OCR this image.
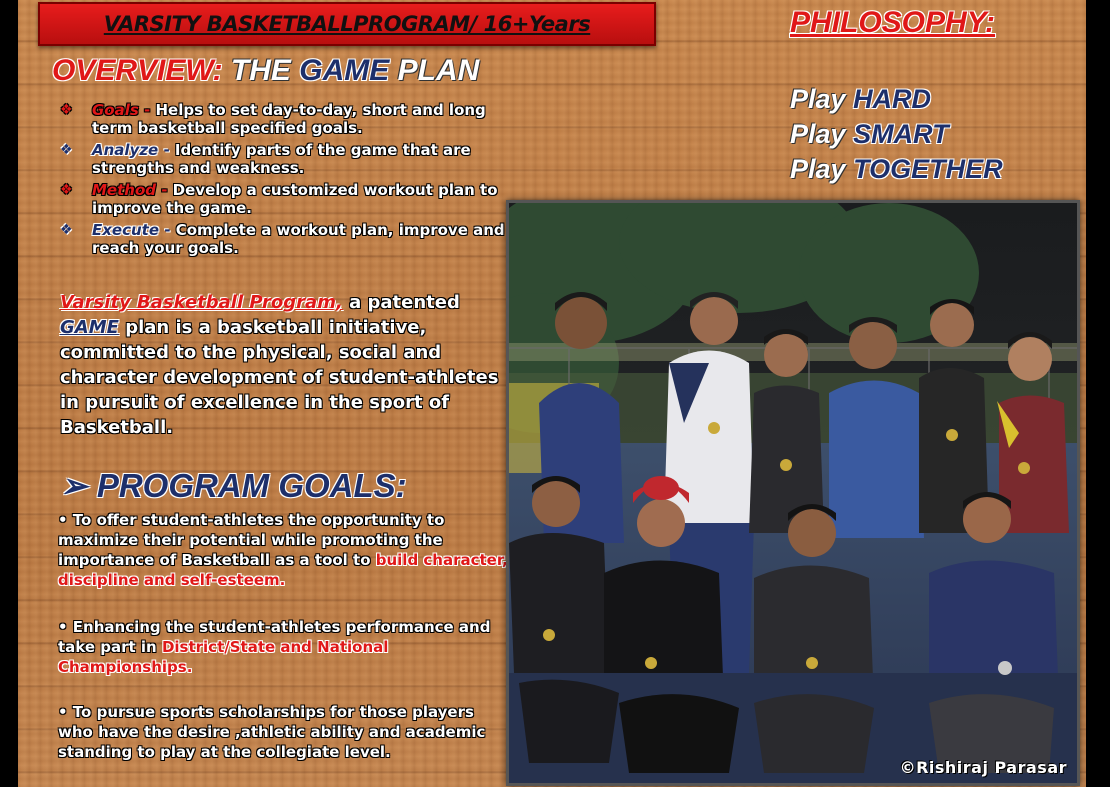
VARSITY BASKETBALLPROGRAM/ 16+Years	PHILOSOPHY:
OVERVIEW: THE GAME PLAN
❖ Goals - Helps to set day-to-day, short and long term basketball specified goals.
❖ Analyze - Identify parts of the game that are strengths and weakness.
❖ Method - Develop a customized workout plan to improve the game.
❖ Execute - Complete a workout plan, improve and reach your goals.
Play HARD
Play SMART
Play TOGETHER
Varsity Basketball Program, a patented GAME plan is a basketball initiative, committed to the physical, social and character development of student-athletes in pursuit of excellence in the sport of Basketball.
➢ PROGRAM GOALS:
• To offer student-athletes the opportunity to maximize their potential while promoting the importance of Basketball as a tool to build character, discipline and self-esteem.
• Enhancing the student-athletes performance and take part in District/State and National Championships.
• To pursue sports scholarships for those players who have the desire ,athletic ability and academic standing to play at the collegiate level.
©Rishiraj Parasar
